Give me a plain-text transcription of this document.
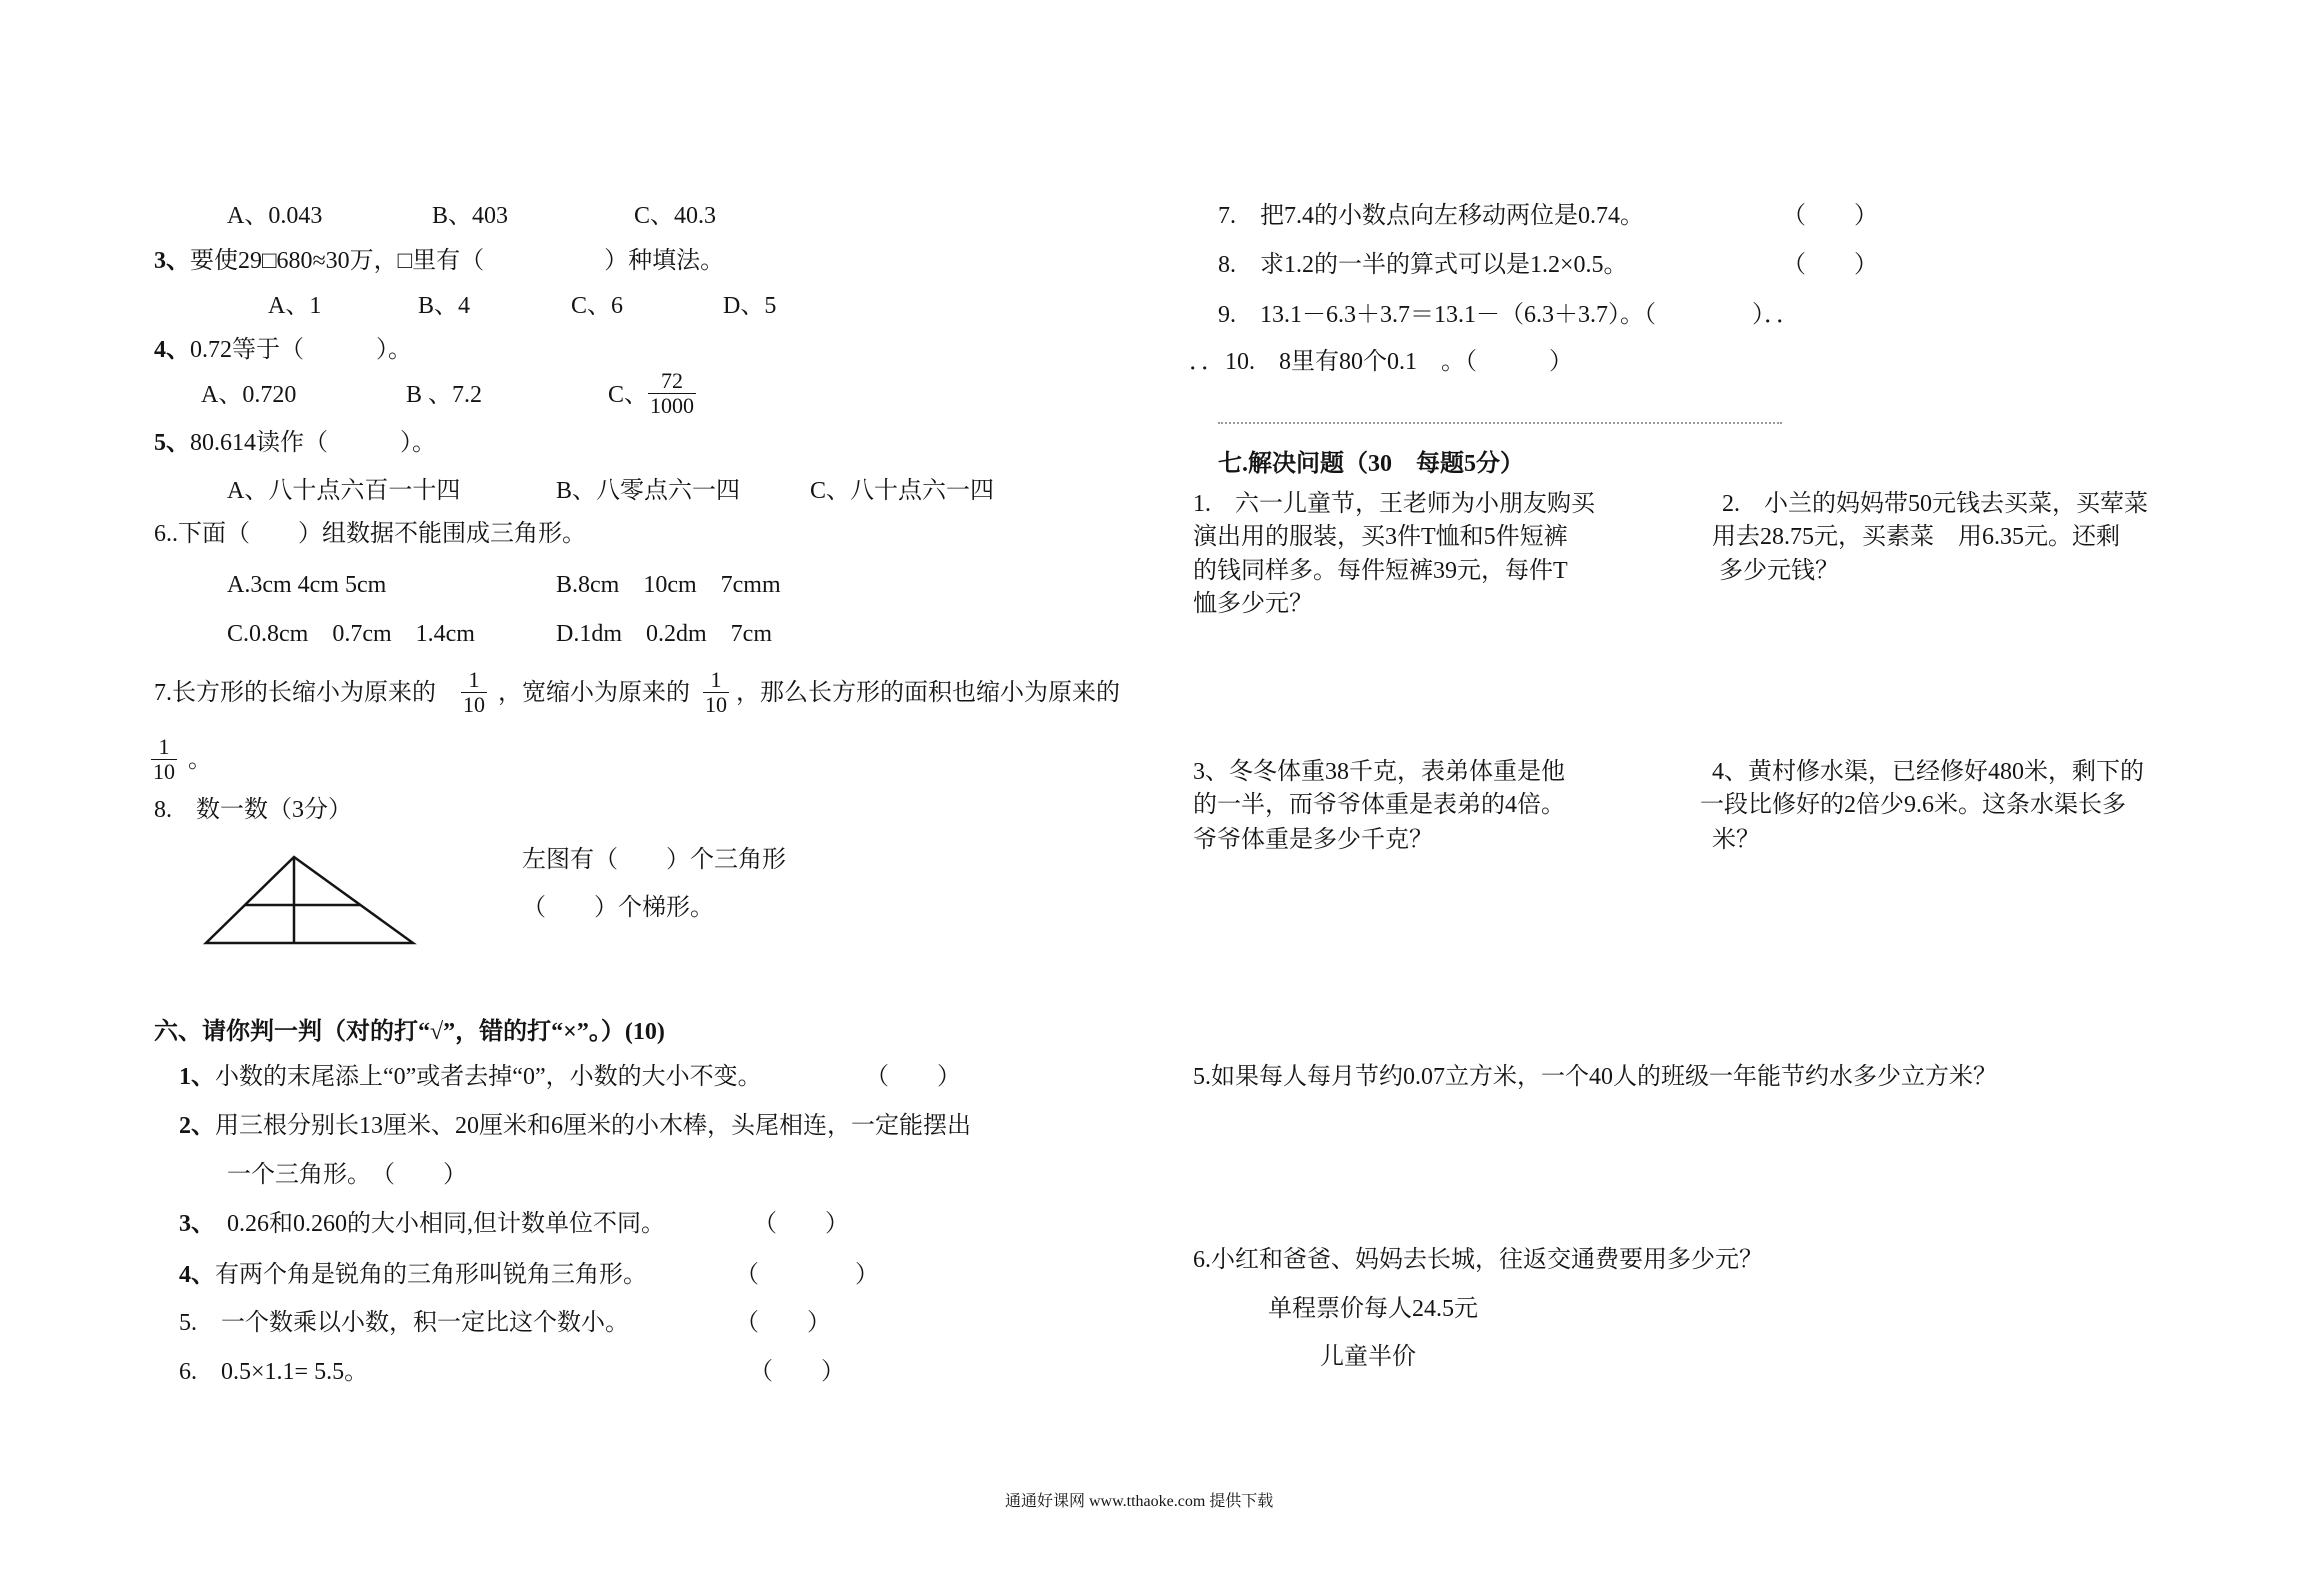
A、0.043	B、403	C、40.3
3、要使29□680≈30万，□里有（　　　　　）种填法。
A、1	B、4	C、6	D、5
4、0.72等于（　　　）。
A、0.720	B 、7.2	C、 $\frac{72}{1000}$
5、80.614读作（　　　）。
A、八十点六百一十四	B、八零点六一四	C、八十点六一四
6..下面（　　）组数据不能围成三角形。
A.3cm 4cm 5cm	B.8cm　10cm　7cmm
C.0.8cm　0.7cm　1.4cm	D.1dm　0.2dm　7cm
7.长方形的长缩小为原来的 $\frac{1}{10}$ ，宽缩小为原来的 $\frac{1}{10}$ ，那么长方形的面积也缩小为原来的
$\frac{1}{10}$ 。
8.　数一数（3分）
左图有（　　）个三角形
（　　）个梯形。
六、请你判一判（对的打“√”，错的打“×”。）(10)
1、小数的末尾添上“0”或者去掉“0”，小数的大小不变。	（　　）
2、用三根分别长13厘米、20厘米和6厘米的小木棒，头尾相连，一定能摆出
一个三角形。　（　　）
3、　0.26和0.260的大小相同,但计数单位不同。	（　　）
4、有两个角是锐角的三角形叫锐角三角形。	（　　　　）
5.　一个数乘以小数，积一定比这个数小。	（　　）
6.　0.5×1.1= 5.5。	（　　）
7.　把7.4的小数点向左移动两位是0.74。	（　　）
8.　求1.2的一半的算式可以是1.2×0.5。	（　　）
9.　13.1－6.3＋3.7＝13.1－（6.3＋3.7）。（　　　　）．．
．．10.　8里有80个0.1　。（　　　）
七.解决问题（30　每题5分）
1.　六一儿童节，王老师为小朋友购买
演出用的服装，买3件T恤和5件短裤
的钱同样多。每件短裤39元，每件T
恤多少元？
2.　小兰的妈妈带50元钱去买菜，买荤菜
用去28.75元，买素菜　用6.35元。还剩
多少元钱？
3、冬冬体重38千克，表弟体重是他
的一半，而爷爷体重是表弟的4倍。
爷爷体重是多少千克？
4、黄村修水渠，已经修好480米，剩下的
一段比修好的2倍少9.6米。这条水渠长多
米？
5.如果每人每月节约0.07立方米，一个40人的班级一年能节约水多少立方米？
6.小红和爸爸、妈妈去长城，往返交通费要用多少元？
单程票价每人24.5元
儿童半价
通通好课网 www.tthaoke.com 提供下载
